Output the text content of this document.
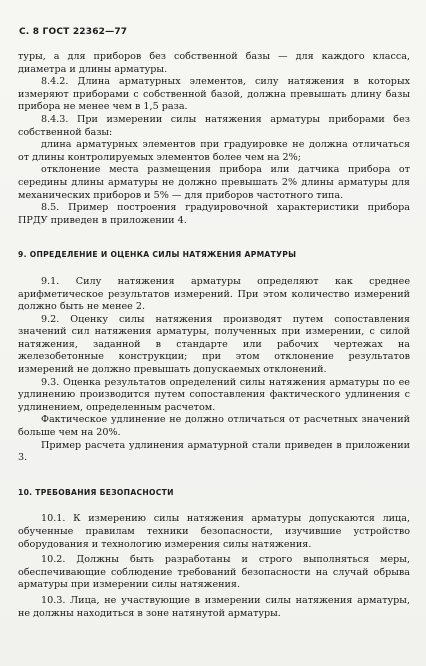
С. 8 ГОСТ 22362—77

туры, а для приборов без собственной базы — для каждого класса, диаметра и длины арматуры.

8.4.2. Длина арматурных элементов, силу натяжения в которых измеряют приборами с собственной базой, должна превышать длину базы прибора не менее чем в 1,5 раза.

8.4.3. При измерении силы натяжения арматуры приборами без собственной базы:

длина арматурных элементов при градуировке не должна отличаться от длины контролируемых элементов более чем на 2%;

отклонение места размещения прибора или датчика прибора от середины длины арматуры не должно превышать 2% длины арматуры для механических приборов и 5% — для приборов частотного типа.

8.5. Пример построения градуировочной характеристики прибора ПРДУ приведен в приложении 4.

9. ОПРЕДЕЛЕНИЕ И ОЦЕНКА СИЛЫ НАТЯЖЕНИЯ АРМАТУРЫ

9.1. Силу натяжения арматуры определяют как среднее арифметическое результатов измерений. При этом количество измерений должно быть не менее 2.

9.2. Оценку силы натяжения производят путем сопоставления значений сил натяжения арматуры, полученных при измерении, с силой натяжения, заданной в стандарте или рабочих чертежах на железобетонные конструкции; при этом отклонение результатов измерений не должно превышать допускаемых отклонений.

9.3. Оценка результатов определений силы натяжения арматуры по ее удлинению производится путем сопоставления фактического удлинения с удлинением, определенным расчетом.

Фактическое удлинение не должно отличаться от расчетных значений больше чем на 20%.

Пример расчета удлинения арматурной стали приведен в приложении 3.

10. ТРЕБОВАНИЯ БЕЗОПАСНОСТИ

10.1. К измерению силы натяжения арматуры допускаются лица, обученные правилам техники безопасности, изучившие устройство оборудования и технологию измерения силы натяжения.

10.2. Должны быть разработаны и строго выполняться меры, обеспечивающие соблюдение требований безопасности на случай обрыва арматуры при измерении силы натяжения.

10.3. Лица, не участвующие в измерении силы натяжения арматуры, не должны находиться в зоне натянутой арматуры.
